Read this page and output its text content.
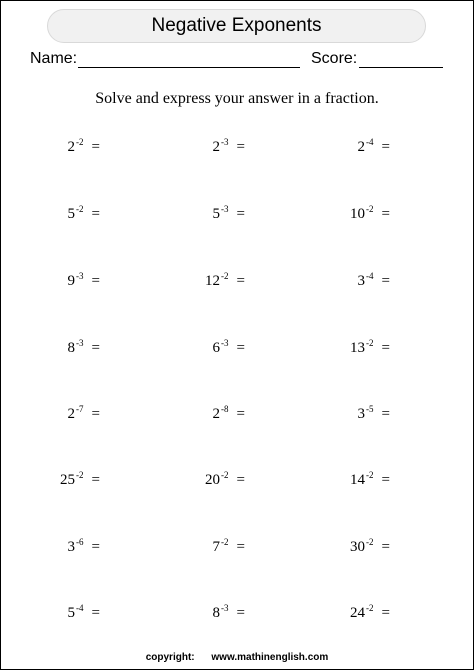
Negative Exponents
Name:	Score:
Solve and express your answer in a fraction.
$2^{-2}$ =	$2^{-3}$ =	$2^{-4}$ =
$5^{-2}$ =	$5^{-3}$ =	$10^{-2}$ =
$9^{-3}$ =	$12^{-2}$ =	$3^{-4}$ =
$8^{-3}$ =	$6^{-3}$ =	$13^{-2}$ =
$2^{-7}$ =	$2^{-8}$ =	$3^{-5}$ =
$25^{-2}$ =	$20^{-2}$ =	$14^{-2}$ =
$3^{-6}$ =	$7^{-2}$ =	$30^{-2}$ =
$5^{-4}$ =	$8^{-3}$ =	$24^{-2}$ =
copyright: www.mathinenglish.com
